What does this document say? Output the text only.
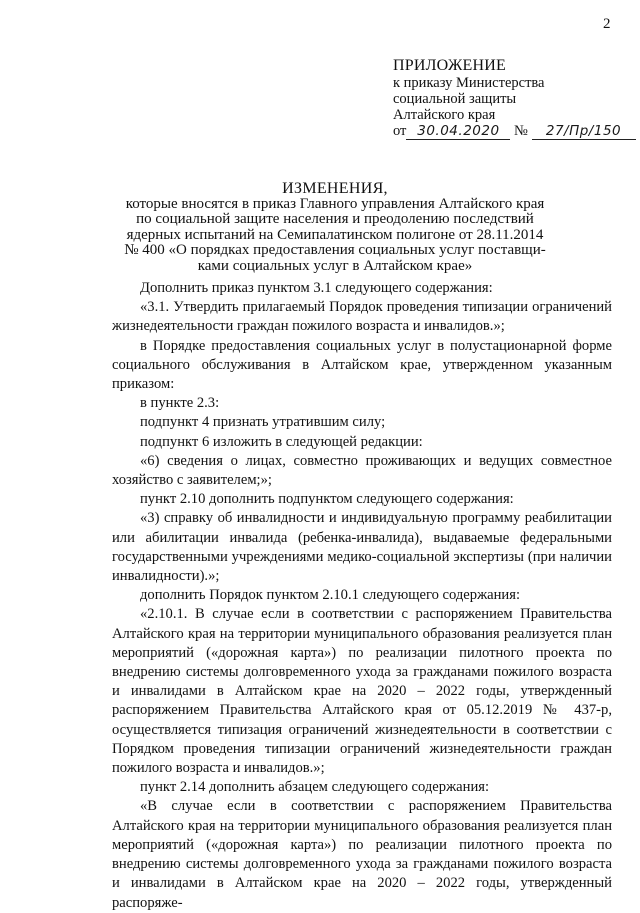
2
ПРИЛОЖЕНИЕ
к приказу Министерства
социальной защиты
Алтайского края
от 30.04.2020 № 27/Пр/150
ИЗМЕНЕНИЯ,
которые вносятся в приказ Главного управления Алтайского края
по социальной защите населения и преодолению последствий
ядерных испытаний на Семипалатинском полигоне от 28.11.2014
№ 400 «О порядках предоставления социальных услуг поставщи-
ками социальных услуг в Алтайском крае»

Дополнить приказ пунктом 3.1 следующего содержания:

«3.1. Утвердить прилагаемый Порядок проведения типизации ограничений жизнедеятельности граждан пожилого возраста и инвалидов.»;

в Порядке предоставления социальных услуг в полустационарной форме социального обслуживания в Алтайском крае, утвержденном указанным приказом:

в пункте 2.3:

подпункт 4 признать утратившим силу;

подпункт 6 изложить в следующей редакции:

«6) сведения о лицах, совместно проживающих и ведущих совместное хозяйство с заявителем;»;

пункт 2.10 дополнить подпунктом следующего содержания:

«3) справку об инвалидности и индивидуальную программу реабилитации или абилитации инвалида (ребенка-инвалида), выдаваемые федеральными государственными учреждениями медико-социальной экспертизы (при наличии инвалидности).»;

дополнить Порядок пунктом 2.10.1 следующего содержания:

«2.10.1. В случае если в соответствии с распоряжением Правительства Алтайского края на территории муниципального образования реализуется план мероприятий («дорожная карта») по реализации пилотного проекта по внедрению системы долговременного ухода за гражданами пожилого возраста и инвалидами в Алтайском крае на 2020 – 2022 годы, утвержденный распоряжением Правительства Алтайского края от 05.12.2019 № 437-р, осуществляется типизация ограничений жизнедеятельности в соответствии с Порядком проведения типизации ограничений жизнедеятельности граждан пожилого возраста и инвалидов.»;

пункт 2.14 дополнить абзацем следующего содержания:

«В случае если в соответствии с распоряжением Правительства Алтайского края на территории муниципального образования реализуется план мероприятий («дорожная карта») по реализации пилотного проекта по внедрению системы долговременного ухода за гражданами пожилого возраста и инвалидами в Алтайском крае на 2020 – 2022 годы, утвержденный распоряже-
